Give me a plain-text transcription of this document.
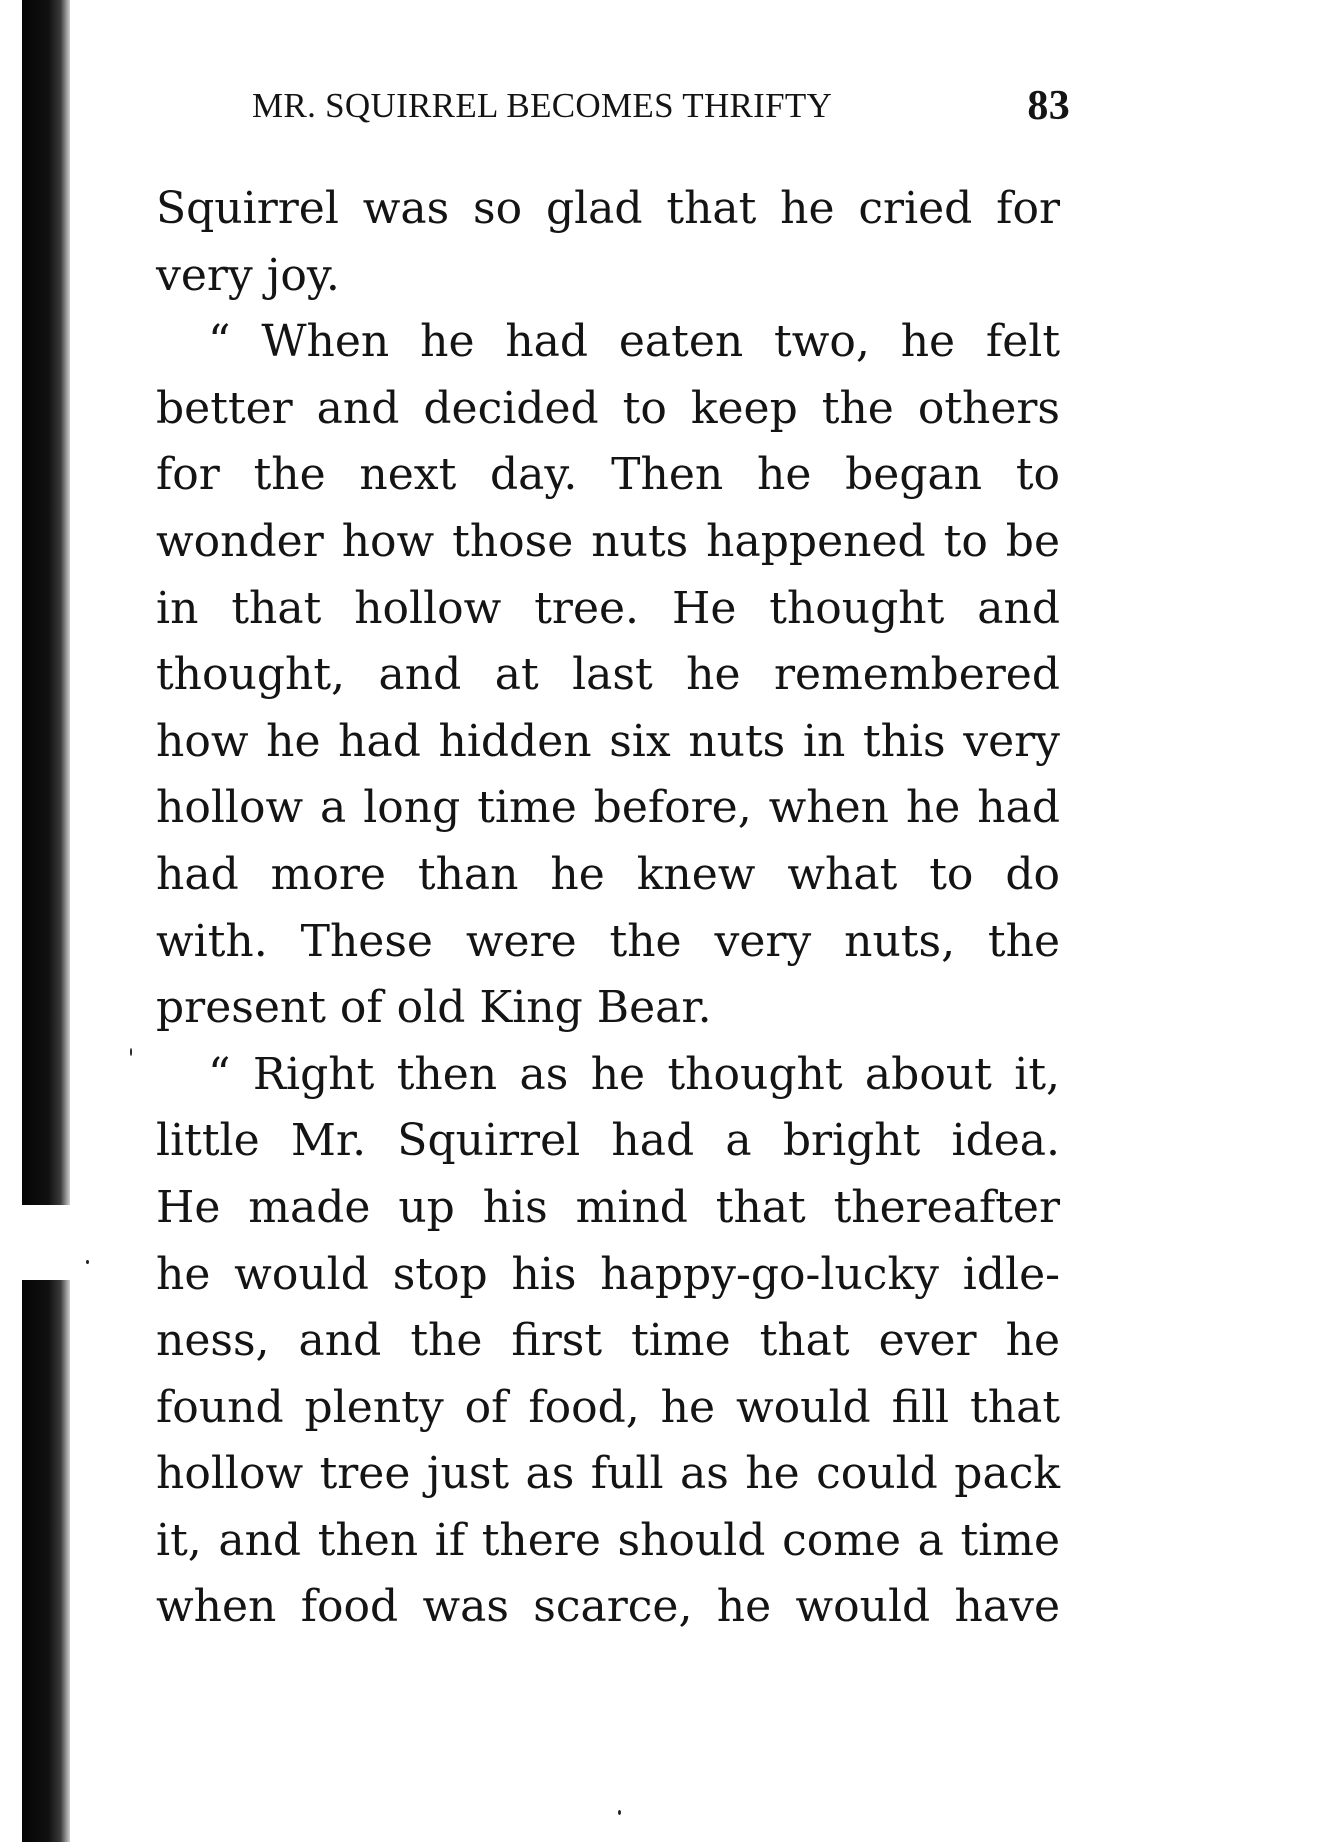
MR. SQUIRREL BECOMES THRIFTY	83
Squirrel was so glad that he cried for
very joy.
“ When he had eaten two, he felt
better and decided to keep the others
for the next day. Then he began to
wonder how those nuts happened to be
in that hollow tree. He thought and
thought, and at last he remembered
how he had hidden six nuts in this very
hollow a long time before, when he had
had more than he knew what to do
with. These were the very nuts, the
present of old King Bear.
“ Right then as he thought about it,
little Mr. Squirrel had a bright idea.
He made up his mind that thereafter
he would stop his happy-go-lucky idle-
ness, and the first time that ever he
found plenty of food, he would fill that
hollow tree just as full as he could pack
it, and then if there should come a time
when food was scarce, he would have
